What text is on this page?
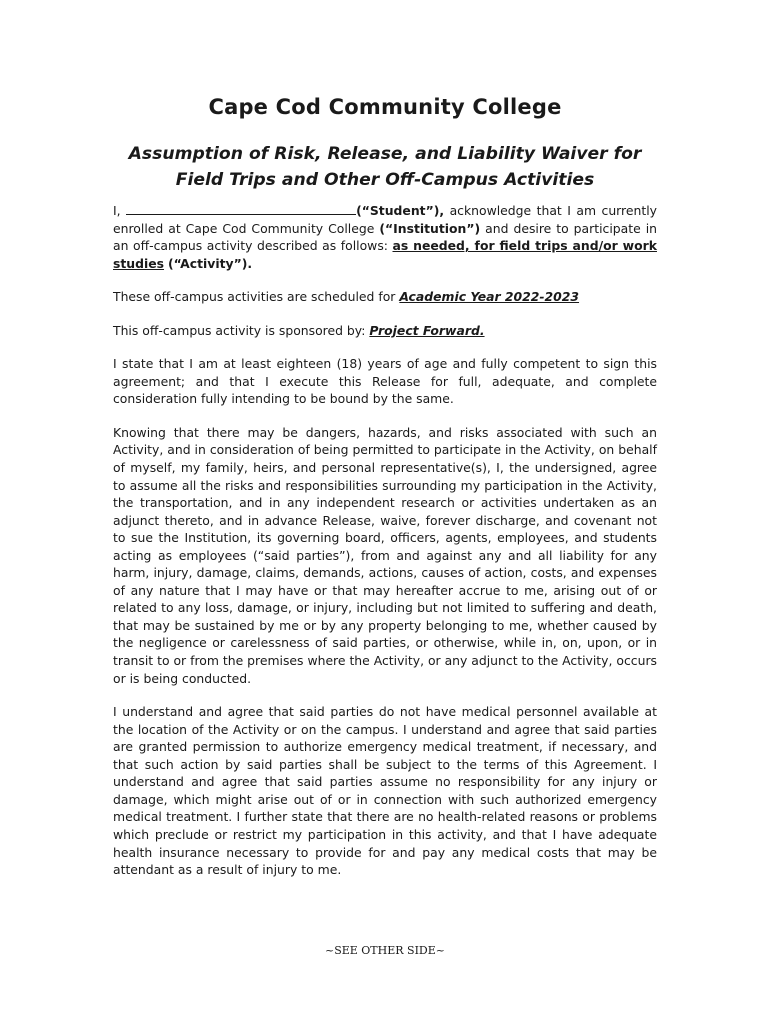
Cape Cod Community College
Assumption of Risk, Release, and Liability Waiver for
Field Trips and Other Off-Campus Activities

I,	(“Student”), acknowledge that I am currently enrolled at Cape Cod Community College (“Institution”) and desire to participate in an off-campus activity described as follows: as needed, for field trips and/or work studies (“Activity”).

These off-campus activities are scheduled for Academic Year 2022-2023

This off-campus activity is sponsored by: Project Forward.

I state that I am at least eighteen (18) years of age and fully competent to sign this agreement; and that I execute this Release for full, adequate, and complete consideration fully intending to be bound by the same.

Knowing that there may be dangers, hazards, and risks associated with such an Activity, and in consideration of being permitted to participate in the Activity, on behalf of myself, my family, heirs, and personal representative(s), I, the undersigned, agree to assume all the risks and responsibilities surrounding my participation in the Activity, the transportation, and in any independent research or activities undertaken as an adjunct thereto, and in advance Release, waive, forever discharge, and covenant not to sue the Institution, its governing board, officers, agents, employees, and students acting as employees (“said parties”), from and against any and all liability for any harm, injury, damage, claims, demands, actions, causes of action, costs, and expenses of any nature that I may have or that may hereafter accrue to me, arising out of or related to any loss, damage, or injury, including but not limited to suffering and death, that may be sustained by me or by any property belonging to me, whether caused by the negligence or carelessness of said parties, or otherwise, while in, on, upon, or in transit to or from the premises where the Activity, or any adjunct to the Activity, occurs or is being conducted.

I understand and agree that said parties do not have medical personnel available at the location of the Activity or on the campus. I understand and agree that said parties are granted permission to authorize emergency medical treatment, if necessary, and that such action by said parties shall be subject to the terms of this Agreement. I understand and agree that said parties assume no responsibility for any injury or damage, which might arise out of or in connection with such authorized emergency medical treatment. I further state that there are no health-related reasons or problems which preclude or restrict my participation in this activity, and that I have adequate health insurance necessary to provide for and pay any medical costs that may be attendant as a result of injury to me.

~SEE OTHER SIDE~
